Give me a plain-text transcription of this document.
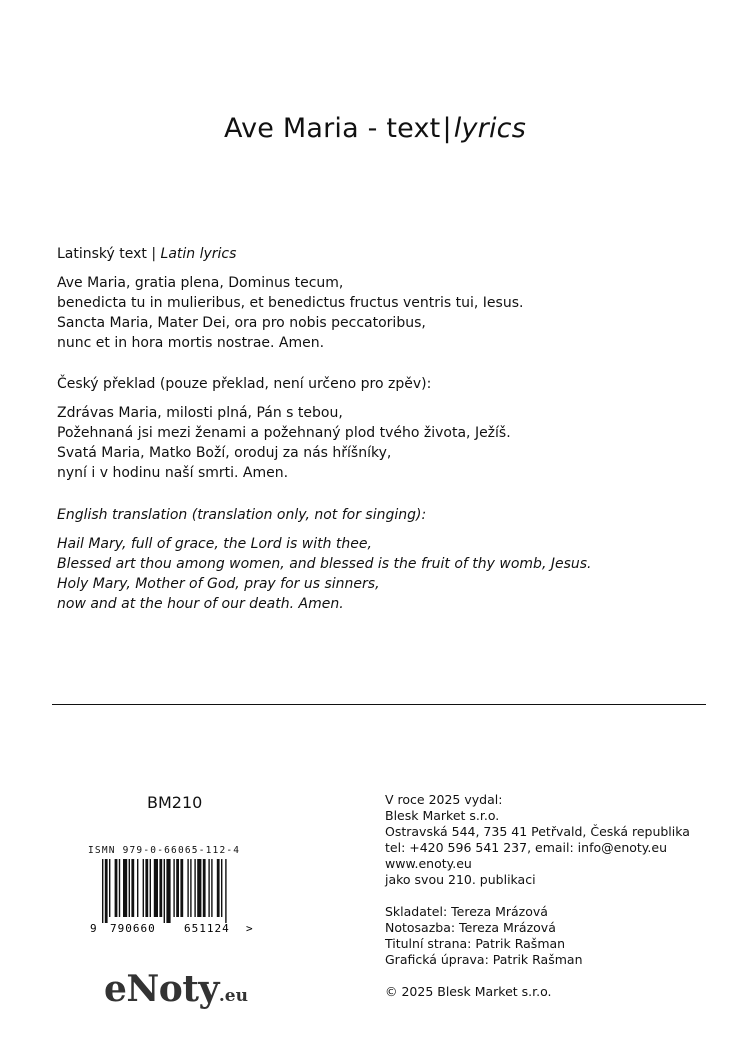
Ave Maria - text|lyrics
Latinský text | Latin lyrics
Ave Maria, gratia plena, Dominus tecum,
benedicta tu in mulieribus, et benedictus fructus ventris tui, Iesus.
Sancta Maria, Mater Dei, ora pro nobis peccatoribus,
nunc et in hora mortis nostrae. Amen.
Český překlad (pouze překlad, není určeno pro zpěv):
Zdrávas Maria, milosti plná, Pán s tebou,
Požehnaná jsi mezi ženami a požehnaný plod tvého života, Ježíš.
Svatá Maria, Matko Boží, oroduj za nás hříšníky,
nyní i v hodinu naší smrti. Amen.
English translation (translation only, not for singing):
Hail Mary, full of grace, the Lord is with thee,
Blessed art thou among women, and blessed is the fruit of thy womb, Jesus.
Holy Mary, Mother of God, pray for us sinners,
now and at the hour of our death. Amen.
BM210
ISMN 979-0-66065-112-4
9 790660	651124 >
eNoty.eu
V roce 2025 vydal:
Blesk Market s.r.o.
Ostravská 544, 735 41 Petřvald, Česká republika
tel: +420 596 541 237, email: info@enoty.eu
www.enoty.eu
jako svou 210. publikaci
Skladatel: Tereza Mrázová
Notosazba: Tereza Mrázová
Titulní strana: Patrik Rašman
Grafická úprava: Patrik Rašman
© 2025 Blesk Market s.r.o.
